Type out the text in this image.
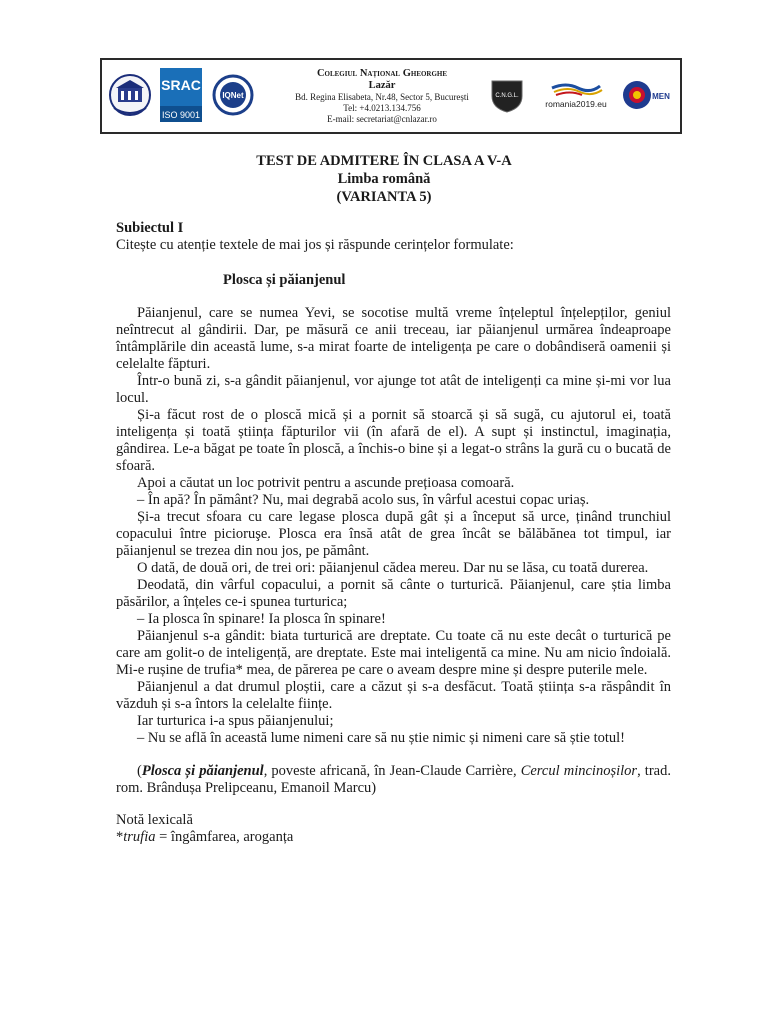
SRAC
ISO 9001
IQNet
Colegiul Național Gheorghe
Lazăr
Bd. Regina Elisabeta, Nr.48, Sector 5, București
Tel: +4.0213.134.756
E-mail: secretariat@cnlazar.ro
C.N.G.L.
romania2019.eu
MEN
TEST DE ADMITERE ÎN CLASA A V-A
Limba română
(VARIANTA 5)
Subiectul I
Citește cu atenție textele de mai jos și răspunde cerințelor formulate:
Plosca și păianjenul

Păianjenul, care se numea Yevi, se socotise multă vreme înțeleptul înțelepților, geniul neîntrecut al gândirii. Dar, pe măsură ce anii treceau, iar păianjenul urmărea îndeaproape întâmplările din această lume, s-a mirat foarte de inteligența pe care o dobândiseră oamenii și celelalte făpturi.

Într-o bună zi, s-a gândit păianjenul, vor ajunge tot atât de inteligenți ca mine și-mi vor lua locul.

Și-a făcut rost de o ploscă mică și a pornit să stoarcă și să sugă, cu ajutorul ei, toată inteligența și toată știința făpturilor vii (în afară de el). A supt și instinctul, imaginația, gândirea. Le-a băgat pe toate în ploscă, a închis-o bine și a legat-o strâns la gură cu o bucată de sfoară.

Apoi a căutat un loc potrivit pentru a ascunde prețioasa comoară.

– În apă? În pământ? Nu, mai degrabă acolo sus, în vârful acestui copac uriaș.

Și-a trecut sfoara cu care legase plosca după gât și a început să urce, ținând trunchiul copacului între picioruşe. Plosca era însă atât de grea încât se bălăbănea tot timpul, iar păianjenul se trezea din nou jos, pe pământ.

O dată, de două ori, de trei ori: păianjenul cădea mereu. Dar nu se lăsa, cu toată durerea.

Deodată, din vârful copacului, a pornit să cânte o turturică. Păianjenul, care știa limba păsărilor, a înțeles ce-i spunea turturica;

– Ia plosca în spinare! Ia plosca în spinare!

Păianjenul s-a gândit: biata turturică are dreptate. Cu toate că nu este decât o turturică pe care am golit-o de inteligență, are dreptate. Este mai inteligentă ca mine. Nu am nicio îndoială. Mi-e rușine de trufia* mea, de părerea pe care o aveam despre mine și despre puterile mele.

Păianjenul a dat drumul ploștii, care a căzut și s-a desfăcut. Toată știința s-a răspândit în văzduh și s-a întors la celelalte ființe.

Iar turturica i-a spus păianjenului;

– Nu se află în această lume nimeni care să nu știe nimic și nimeni care să știe totul!

(Plosca și păianjenul, poveste africană, în Jean-Claude Carrière, Cercul mincinoșilor, trad. rom. Brândușa Prelipceanu, Emanoil Marcu)
Notă lexicală
*trufia = îngâmfarea, aroganța
